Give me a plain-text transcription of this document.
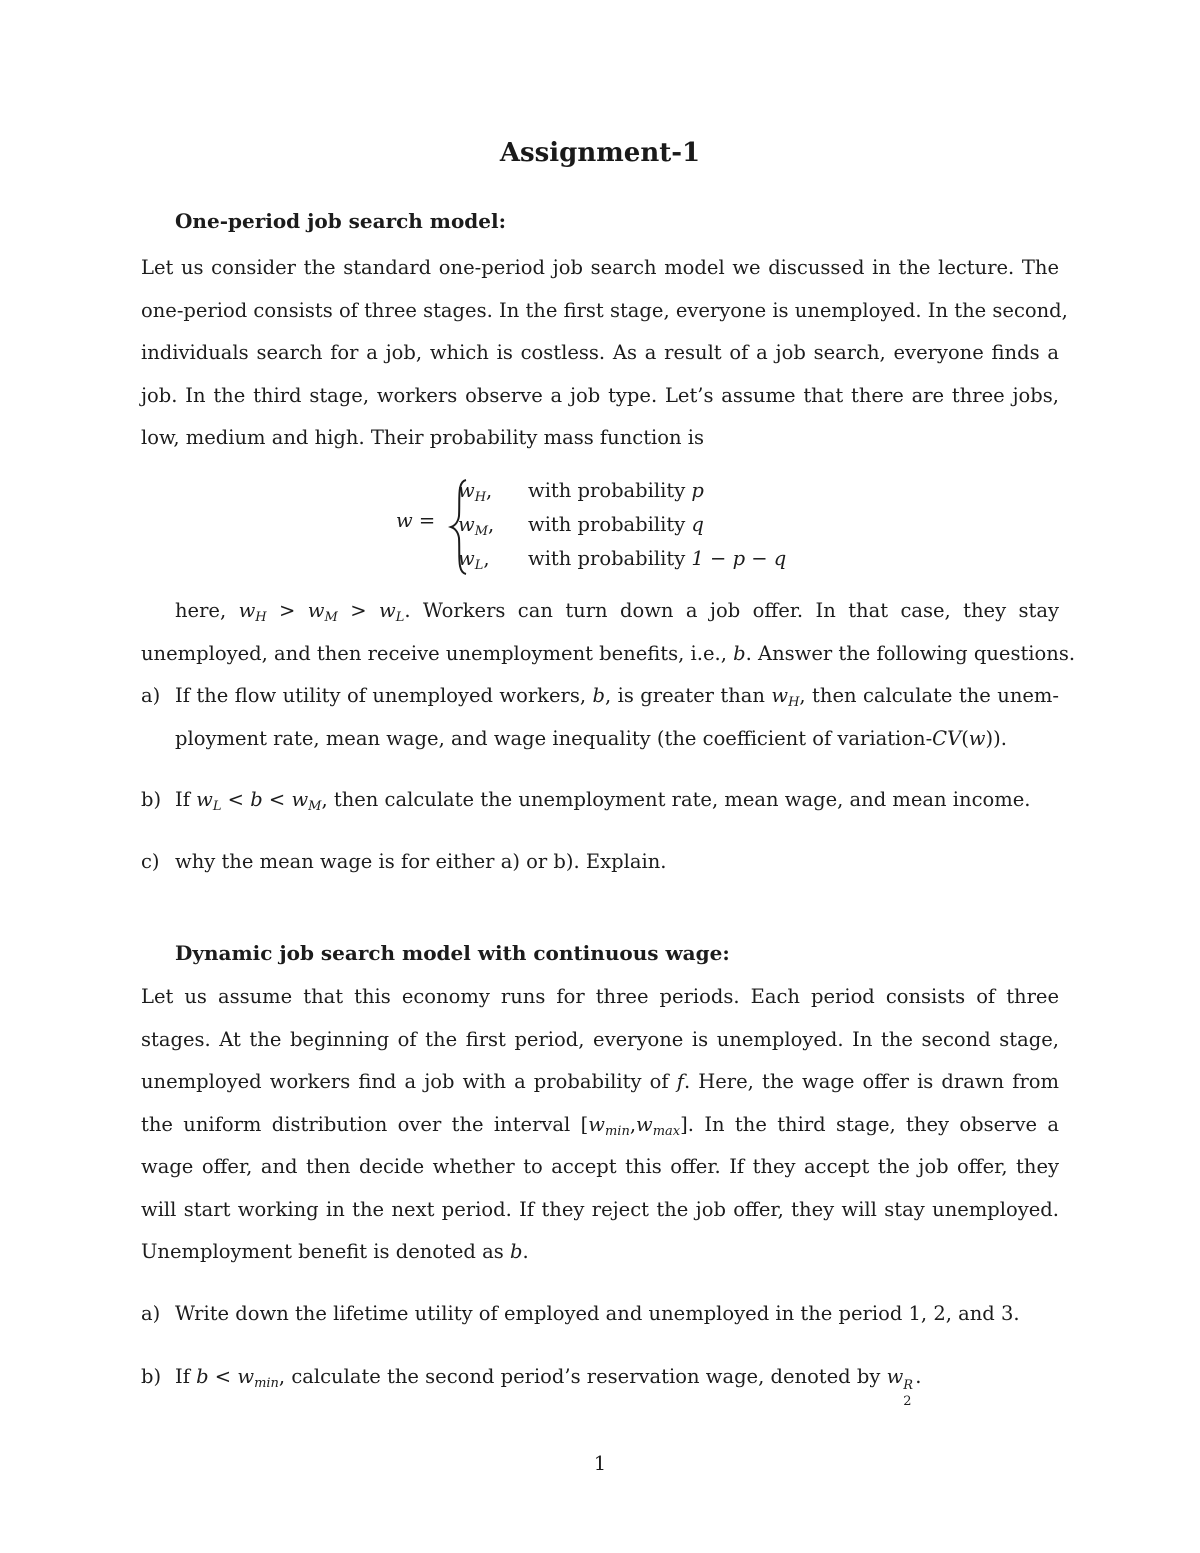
Assignment-1
One-period job search model:
Let us consider the standard one-period job search model we discussed in the lecture. The
one-period consists of three stages. In the first stage, everyone is unemployed. In the second,
individuals search for a job, which is costless. As a result of a job search, everyone finds a
job. In the third stage, workers observe a job type. Let’s assume that there are three jobs,
low, medium and high. Their probability mass function is
w =
$w_H$, with probability p
$w_M$, with probability q
$w_L$, with probability 1 − p − q
here, $w_H > w_M > w_L$. Workers can turn down a job offer. In that case, they stay
unemployed, and then receive unemployment benefits, i.e., b. Answer the following questions.
a) If the flow utility of unemployed workers, b, is greater than $w_H$, then calculate the unem-
ployment rate, mean wage, and wage inequality (the coefficient of variation-CV(w)).
b) If $w_L < b < w_M$, then calculate the unemployment rate, mean wage, and mean income.
c) why the mean wage is for either a) or b). Explain.
Dynamic job search model with continuous wage:
Let us assume that this economy runs for three periods. Each period consists of three
stages. At the beginning of the first period, everyone is unemployed. In the second stage,
unemployed workers find a job with a probability of f. Here, the wage offer is drawn from
the uniform distribution over the interval $[w_{min},w_{max}]$. In the third stage, they observe a
wage offer, and then decide whether to accept this offer. If they accept the job offer, they
will start working in the next period. If they reject the job offer, they will stay unemployed.
Unemployment benefit is denoted as b.
a) Write down the lifetime utility of employed and unemployed in the period 1, 2, and 3.
b) If $b < w_{min}$, calculate the second period’s reservation wage, denoted by w R
2
.
1
